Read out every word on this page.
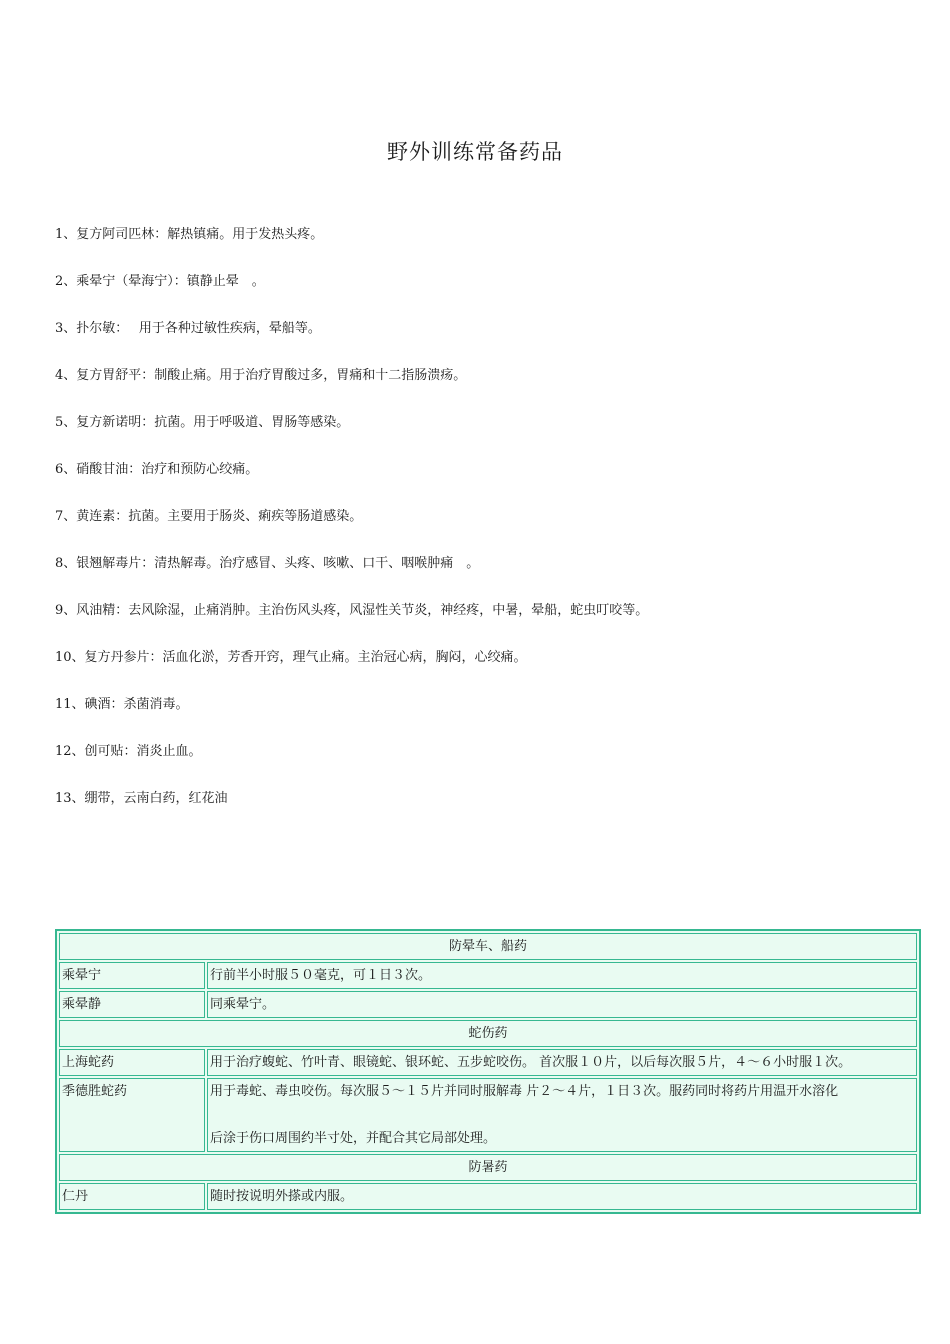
野外训练常备药品
1、复方阿司匹林：解热镇痛。用于发热头疼。
2、乘晕宁（晕海宁）：镇静止晕　。
3、扑尔敏：　 用于各种过敏性疾病，晕船等。
4、复方胃舒平：制酸止痛。用于治疗胃酸过多，胃痛和十二指肠溃疡。
5、复方新诺明：抗菌。用于呼吸道、胃肠等感染。
6、硝酸甘油：治疗和预防心绞痛。
7、黄连素：抗菌。主要用于肠炎、痢疾等肠道感染。
8、银翘解毒片：清热解毒。治疗感冒、头疼、咳嗽、口干、咽喉肿痛　。
9、风油精：去风除湿，止痛消肿。主治伤风头疼，风湿性关节炎，神经疼，中暑，晕船，蛇虫叮咬等。
10、复方丹参片：活血化淤，芳香开窍，理气止痛。主治冠心病，胸闷，心绞痛。
11、碘酒：杀菌消毒。
12、创可贴：消炎止血。
13、绷带，云南白药，红花油
防晕车、船药	
乘晕宁	行前半小时服５０毫克，可１日３次。
乘晕静	同乘晕宁。
蛇伤药	
上海蛇药	用于治疗蝮蛇、竹叶青、眼镜蛇、银环蛇、五步蛇咬伤。 首次服１０片，以后每次服５片，４～６小时服１次。
季德胜蛇药	用于毒蛇、毒虫咬伤。每次服５～１５片并同时服解毒 片２～４片，１日３次。服药同时将药片用温开水溶化
后涂于伤口周围约半寸处，并配合其它局部处理。

防暑药	
仁丹	随时按说明外搽或内服。
